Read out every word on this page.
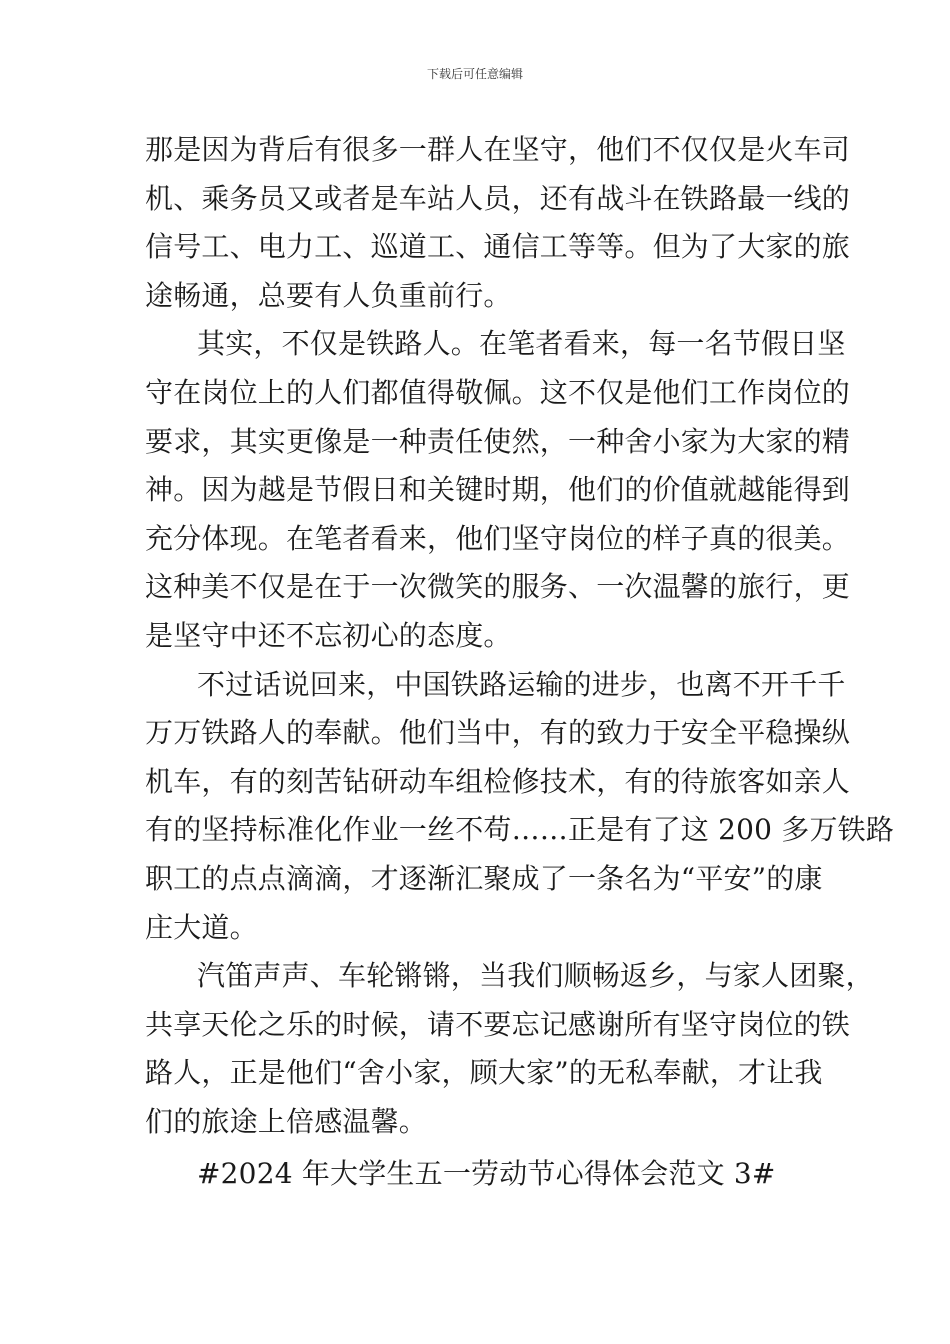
下载后可任意编辑
那是因为背后有很多一群人在坚守，他们不仅仅是火车司
机、乘务员又或者是车站人员，还有战斗在铁路最一线的
信号工、电力工、巡道工、通信工等等。但为了大家的旅
途畅通，总要有人负重前行。
其实，不仅是铁路人。在笔者看来，每一名节假日坚
守在岗位上的人们都值得敬佩。这不仅是他们工作岗位的
要求，其实更像是一种责任使然，一种舍小家为大家的精
神。因为越是节假日和关键时期，他们的价值就越能得到
充分体现。在笔者看来，他们坚守岗位的样子真的很美。
这种美不仅是在于一次微笑的服务、一次温馨的旅行，更
是坚守中还不忘初心的态度。
不过话说回来，中国铁路运输的进步，也离不开千千
万万铁路人的奉献。他们当中，有的致力于安全平稳操纵
机车，有的刻苦钻研动车组检修技术，有的待旅客如亲人
有的坚持标准化作业一丝不苟……正是有了这 200 多万铁路
职工的点点滴滴，才逐渐汇聚成了一条名为“平安”的康
庄大道。
汽笛声声、车轮锵锵，当我们顺畅返乡，与家人团聚，
共享天伦之乐的时候，请不要忘记感谢所有坚守岗位的铁
路人，正是他们“舍小家，顾大家”的无私奉献，才让我
们的旅途上倍感温馨。
#2024 年大学生五一劳动节心得体会范文 3#
